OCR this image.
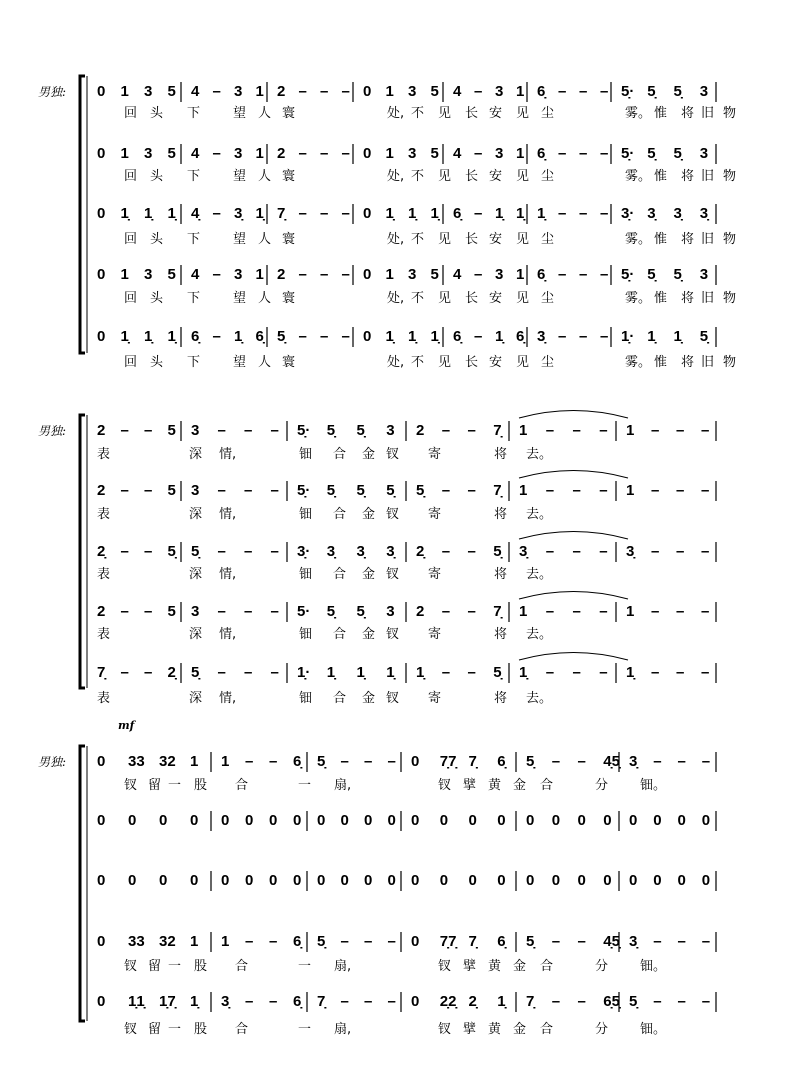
男独: 0 1 3 5 4 – 3 1 2 – – – 0 1 3 5 4 – 3 1 6̣ – – – 5̣· 5̣ 5̣ 3
回 头 下	望 人 寰	处, 不 见 长 安 见 尘	雾。 惟 将 旧 物
0 1 3 5 4 – 3 1 2 – – – 0 1 3 5 4 – 3 1 6̣ – – – 5̣· 5̣ 5̣ 3
回 头 下	望 人 寰	处, 不 见 长 安 见 尘	雾。 惟 将 旧 物
0 1̣ 1̣ 1̣ 4̣ – 3̣ 1̣ 7̣ – – – 0 1̣ 1̣ 1̣ 6̣ – 1̣ 1̣ 1̣ – – – 3̣· 3̣ 3̣ 3̣
回 头 下	望 人 寰	处, 不 见 长 安 见 尘	雾。 惟 将 旧 物
0 1 3 5 4 – 3 1 2 – – – 0 1 3 5 4 – 3 1 6̣ – – – 5̣· 5̣ 5̣ 3
回 头 下	望 人 寰	处, 不 见 长 安 见 尘	雾。 惟 将 旧 物
0 1̣ 1̣ 1̣ 6̣ – 1̣ 6̣ 5̣ – – – 0 1̣ 1̣ 1̣ 6̣ – 1̣ 6̣ 3̣ – – – 1̣· 1̣ 1̣ 5̣
回 头 下	望 人 寰	处, 不 见 长 安 见 尘	雾。 惟 将 旧 物
男独: 2 – – 5 3 – – – 5̣· 5̣ 5̣ 3 2 – – 7̣ 1 – – – 1 – – –
表	深 情,	钿 合 金 钗 寄	将 去。
2 – – 5 3 – – – 5̣· 5̣ 5̣ 5̣ 5̣ – – 7̣ 1 – – – 1 – – –
表	深 情,	钿 合 金 钗 寄	将 去。
2̣ – – 5̣ 5̣ – – – 3̣· 3̣ 3̣ 3̣ 2̣ – – 5̣ 3̣ – – – 3̣ – – –
表	深 情,	钿 合 金 钗 寄	将 去。
2 – – 5 3 – – – 5· 5̣ 5̣ 3 2 – – 7̣ 1 – – – 1 – – –
表	深 情,	钿 合 金 钗 寄	将 去。
7̣ – – 2̣ 5̣ – – – 1̣· 1̣ 1̣ 1̣ 1̣ – – 5̣ 1̣ – – – 1̣ – – –
表	深 情,	钿 合 金 钗 寄	将 去。
男独:
mf
0 33 32 1 1 – – 6̣ 5̣ – – – 0 7̣7̣ 7̣ 6̣ 5̣ – – 4̣5̣ 3̣ – – –
钗 留 一 股 合	一 扇,	钗 擘 黄 金 合	分 钿。
0 0 0 0 0 0 0 0 0 0 0 0 0 0 0 0 0 0 0 0 0 0 0 0
0 0 0 0 0 0 0 0 0 0 0 0 0 0 0 0 0 0 0 0 0 0 0 0
0 33 32 1 1 – – 6̣ 5̣ – – – 0 7̣7̣ 7̣ 6̣ 5̣ – – 4̣5̣ 3̣ – – –
钗 留 一 股 合	一 扇,	钗 擘 黄 金 合	分 钿。
0 1̣1̣ 1̣7̣ 1̣ 3̣ – – 6̣ 7̣ – – – 0 2̣2̣ 2̣ 1̣ 7̣ – – 6̣5̣ 5̣ – – –
钗 留 一 股 合	一 扇,	钗 擘 黄 金 合	分 钿。
